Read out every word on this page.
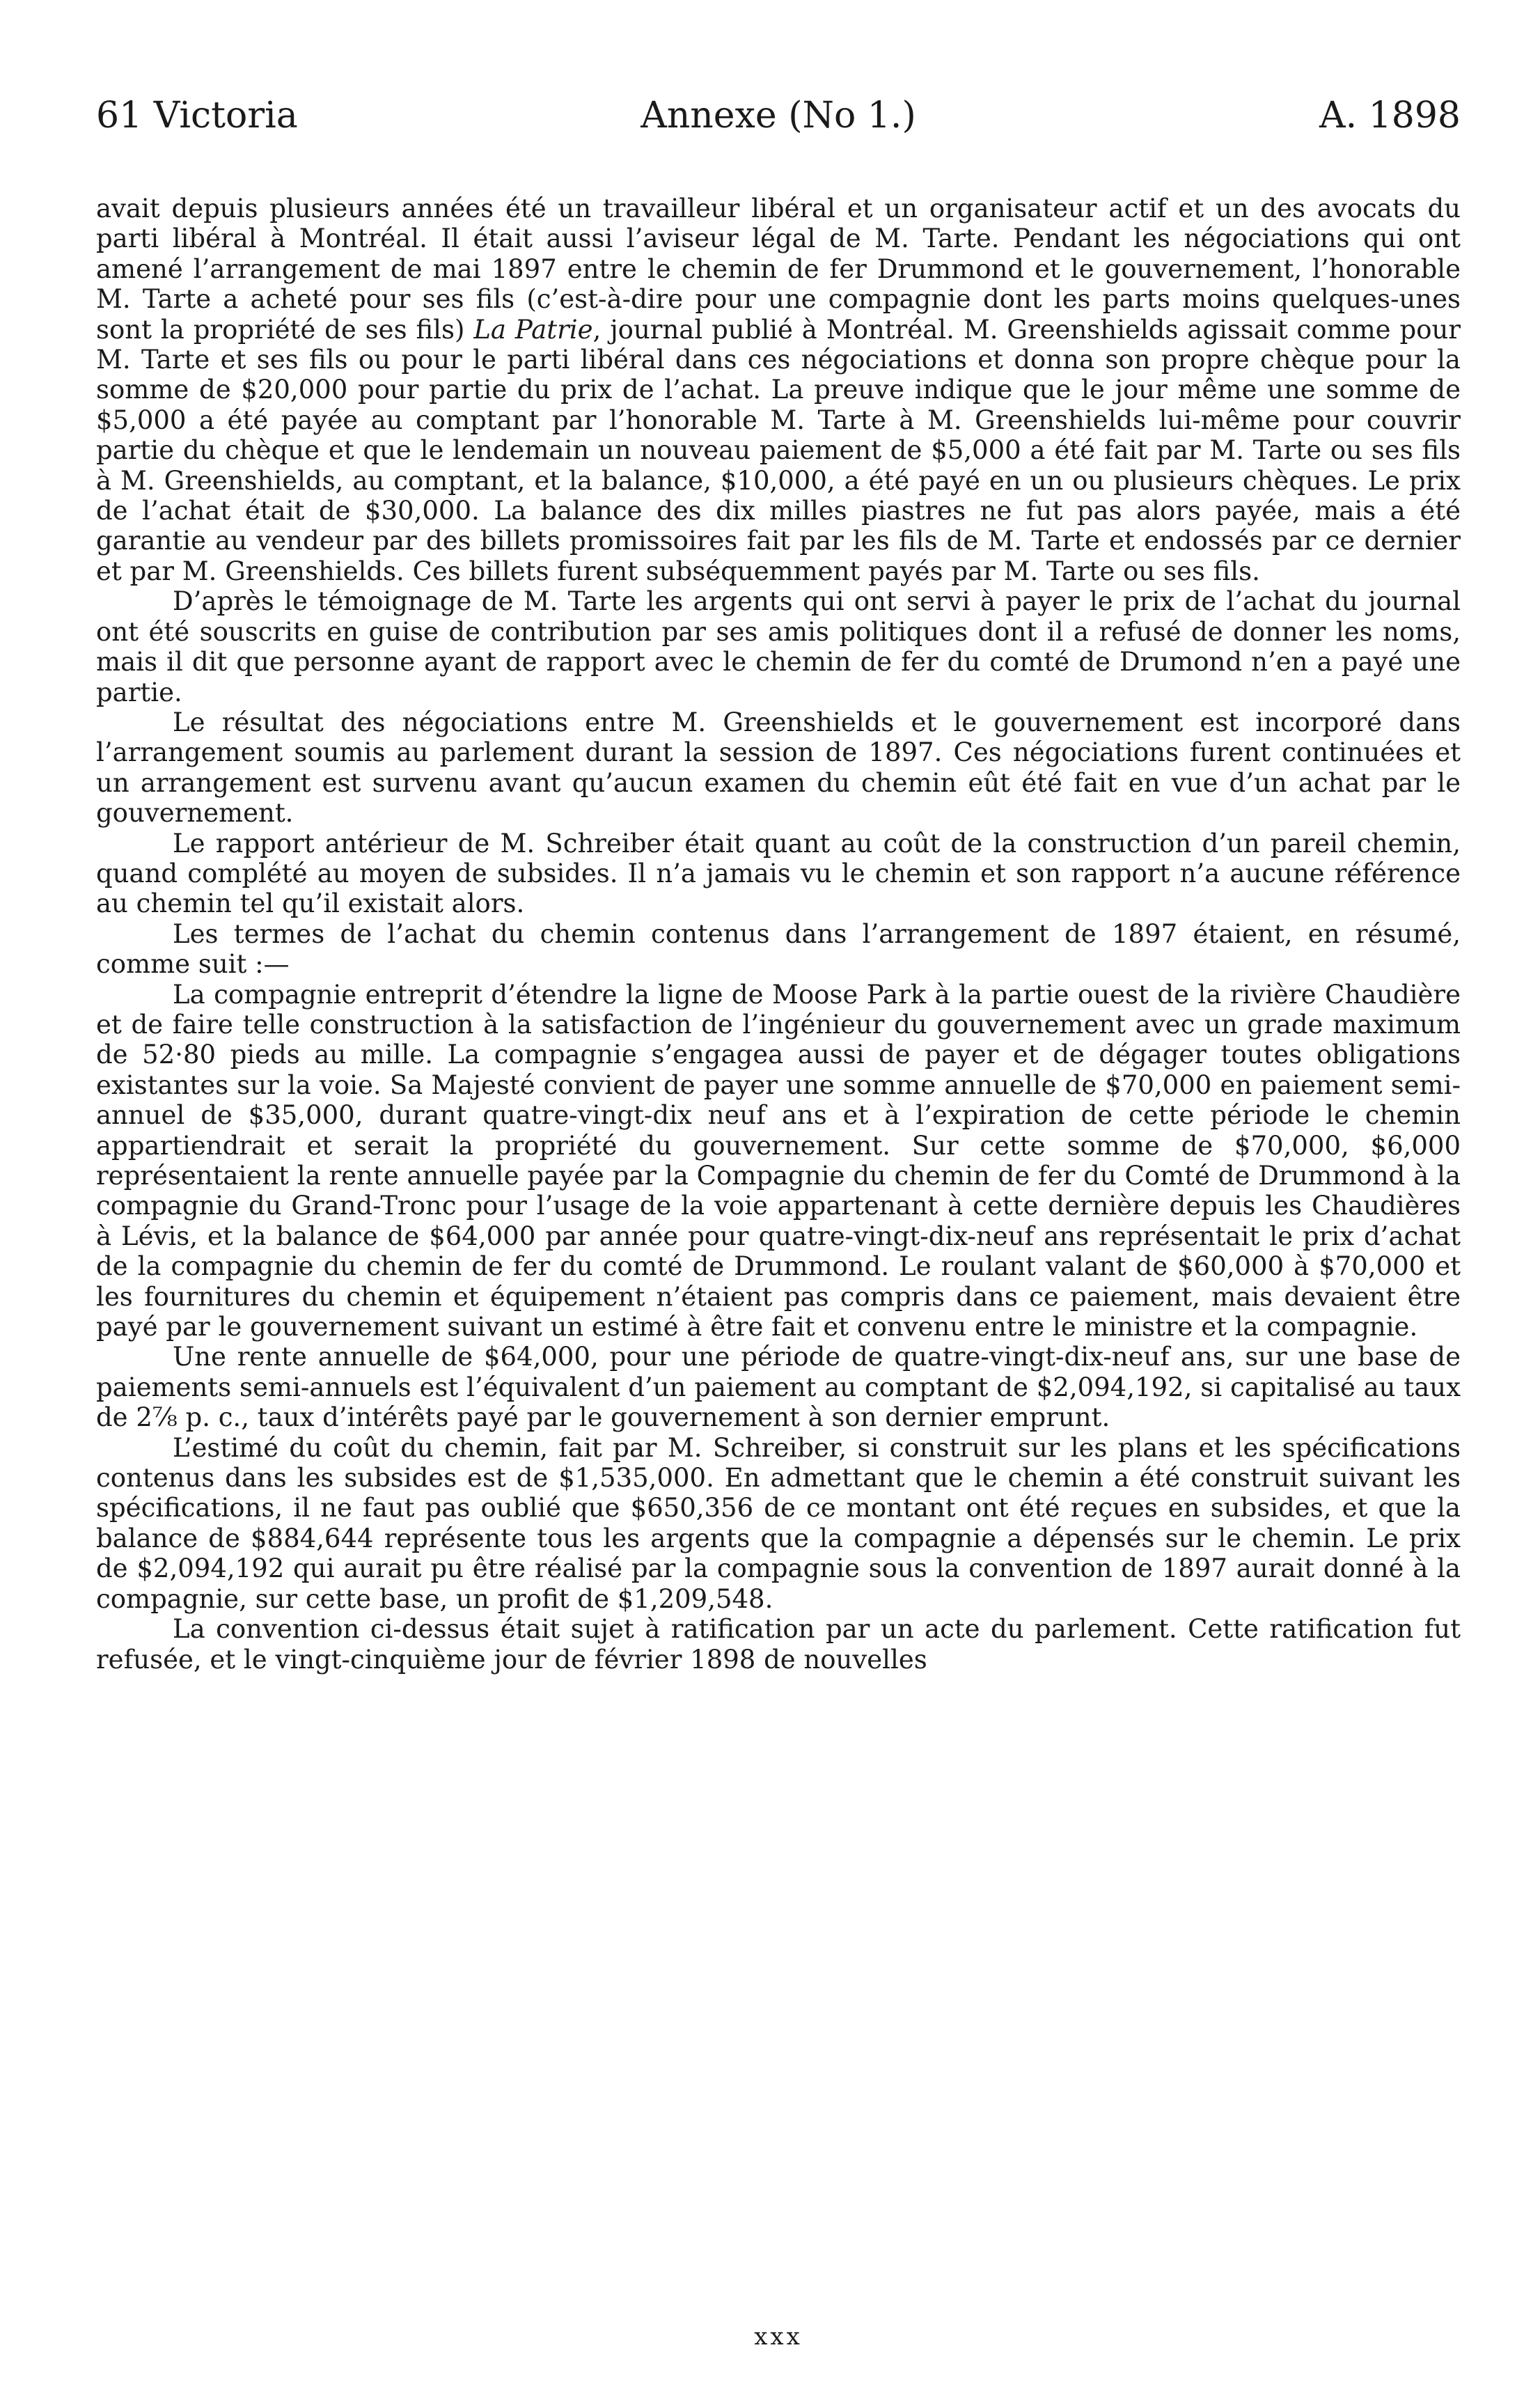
61 Victoria	Annexe (No 1.)	A. 1898

avait depuis plusieurs années été un travailleur libéral et un organisateur actif et un des avocats du parti libéral à Montréal. Il était aussi l’aviseur légal de M. Tarte. Pendant les négociations qui ont amené l’arrangement de mai 1897 entre le chemin de fer Drummond et le gouvernement, l’honorable M. Tarte a acheté pour ses fils (c’est-à-dire pour une compagnie dont les parts moins quelques-unes sont la propriété de ses fils) La Patrie, journal publié à Montréal. M. Greenshields agissait comme pour M. Tarte et ses fils ou pour le parti libéral dans ces négociations et donna son propre chèque pour la somme de $20,000 pour partie du prix de l’achat. La preuve indique que le jour même une somme de $5,000 a été payée au comptant par l’honorable M. Tarte à M. Greenshields lui-même pour couvrir partie du chèque et que le lendemain un nouveau paiement de $5,000 a été fait par M. Tarte ou ses fils à M. Greenshields, au comptant, et la balance, $10,000, a été payé en un ou plusieurs chèques. Le prix de l’achat était de $30,000. La balance des dix milles piastres ne fut pas alors payée, mais a été garantie au vendeur par des billets promissoires fait par les fils de M. Tarte et endossés par ce dernier et par M. Greenshields. Ces billets furent subséquemment payés par M. Tarte ou ses fils.

D’après le témoignage de M. Tarte les argents qui ont servi à payer le prix de l’achat du journal ont été souscrits en guise de contribution par ses amis politiques dont il a refusé de donner les noms, mais il dit que personne ayant de rapport avec le chemin de fer du comté de Drumond n’en a payé une partie.

Le résultat des négociations entre M. Greenshields et le gouvernement est incorporé dans l’arrangement soumis au parlement durant la session de 1897. Ces négociations furent continuées et un arrangement est survenu avant qu’aucun examen du chemin eût été fait en vue d’un achat par le gouvernement.

Le rapport antérieur de M. Schreiber était quant au coût de la construction d’un pareil chemin, quand complété au moyen de subsides. Il n’a jamais vu le chemin et son rapport n’a aucune référence au chemin tel qu’il existait alors.

Les termes de l’achat du chemin contenus dans l’arrangement de 1897 étaient, en résumé, comme suit :—

La compagnie entreprit d’étendre la ligne de Moose Park à la partie ouest de la rivière Chaudière et de faire telle construction à la satisfaction de l’ingénieur du gouvernement avec un grade maximum de 52·80 pieds au mille. La compagnie s’engagea aussi de payer et de dégager toutes obligations existantes sur la voie. Sa Majesté convient de payer une somme annuelle de $70,000 en paiement semi-annuel de $35,000, durant quatre-vingt-dix neuf ans et à l’expiration de cette période le chemin appartiendrait et serait la propriété du gouvernement. Sur cette somme de $70,000, $6,000 représentaient la rente annuelle payée par la Compagnie du chemin de fer du Comté de Drummond à la compagnie du Grand-Tronc pour l’usage de la voie appartenant à cette dernière depuis les Chaudières à Lévis, et la balance de $64,000 par année pour quatre-vingt-dix-neuf ans représentait le prix d’achat de la compagnie du chemin de fer du comté de Drummond. Le roulant valant de $60,000 à $70,000 et les fournitures du chemin et équipement n’étaient pas compris dans ce paiement, mais devaient être payé par le gouvernement suivant un estimé à être fait et convenu entre le ministre et la compagnie.

Une rente annuelle de $64,000, pour une période de quatre-vingt-dix-neuf ans, sur une base de paiements semi-annuels est l’équivalent d’un paiement au comptant de $2,094,192, si capitalisé au taux de 2⅞ p. c., taux d’intérêts payé par le gouvernement à son dernier emprunt.

L’estimé du coût du chemin, fait par M. Schreiber, si construit sur les plans et les spécifications contenus dans les subsides est de $1,535,000. En admettant que le chemin a été construit suivant les spécifications, il ne faut pas oublié que $650,356 de ce montant ont été reçues en subsides, et que la balance de $884,644 représente tous les argents que la compagnie a dépensés sur le chemin. Le prix de $2,094,192 qui aurait pu être réalisé par la compagnie sous la convention de 1897 aurait donné à la compagnie, sur cette base, un profit de $1,209,548.

La convention ci-dessus était sujet à ratification par un acte du parlement. Cette ratification fut refusée, et le vingt-cinquième jour de février 1898 de nouvelles

xxx
